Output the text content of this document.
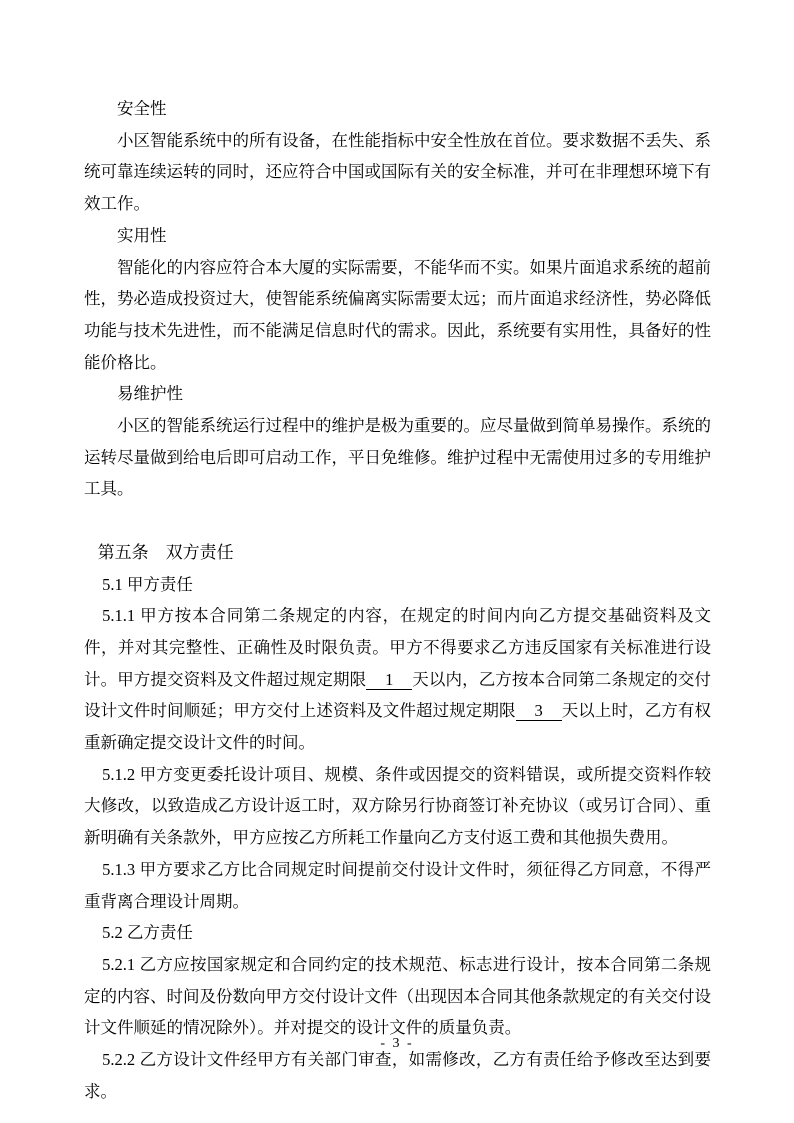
安全性

小区智能系统中的所有设备，在性能指标中安全性放在首位。要求数据不丢失、系统可靠连续运转的同时，还应符合中国或国际有关的安全标准，并可在非理想环境下有效工作。

实用性

智能化的内容应符合本大厦的实际需要，不能华而不实。如果片面追求系统的超前性，势必造成投资过大，使智能系统偏离实际需要太远；而片面追求经济性，势必降低功能与技术先进性，而不能满足信息时代的需求。因此，系统要有实用性，具备好的性能价格比。

易维护性

小区的智能系统运行过程中的维护是极为重要的。应尽量做到简单易操作。系统的运转尽量做到给电后即可启动工作，平日免维修。维护过程中无需使用过多的专用维护工具。

第五条　双方责任

5.1 甲方责任

5.1.1 甲方按本合同第二条规定的内容，在规定的时间内向乙方提交基础资料及文件，并对其完整性、正确性及时限负责。甲方不得要求乙方违反国家有关标准进行设计。甲方提交资料及文件超过规定期限 1 天以内，乙方按本合同第二条规定的交付设计文件时间顺延；甲方交付上述资料及文件超过规定期限 3 天以上时，乙方有权重新确定提交设计文件的时间。

5.1.2 甲方变更委托设计项目、规模、条件或因提交的资料错误，或所提交资料作较大修改，以致造成乙方设计返工时，双方除另行协商签订补充协议（或另订合同）、重新明确有关条款外，甲方应按乙方所耗工作量向乙方支付返工费和其他损失费用。

5.1.3 甲方要求乙方比合同规定时间提前交付设计文件时，须征得乙方同意，不得严重背离合理设计周期。

5.2 乙方责任

5.2.1 乙方应按国家规定和合同约定的技术规范、标志进行设计，按本合同第二条规定的内容、时间及份数向甲方交付设计文件（出现因本合同其他条款规定的有关交付设计文件顺延的情况除外）。并对提交的设计文件的质量负责。

5.2.2 乙方设计文件经甲方有关部门审查，如需修改，乙方有责任给予修改至达到要求。

- 3 -
